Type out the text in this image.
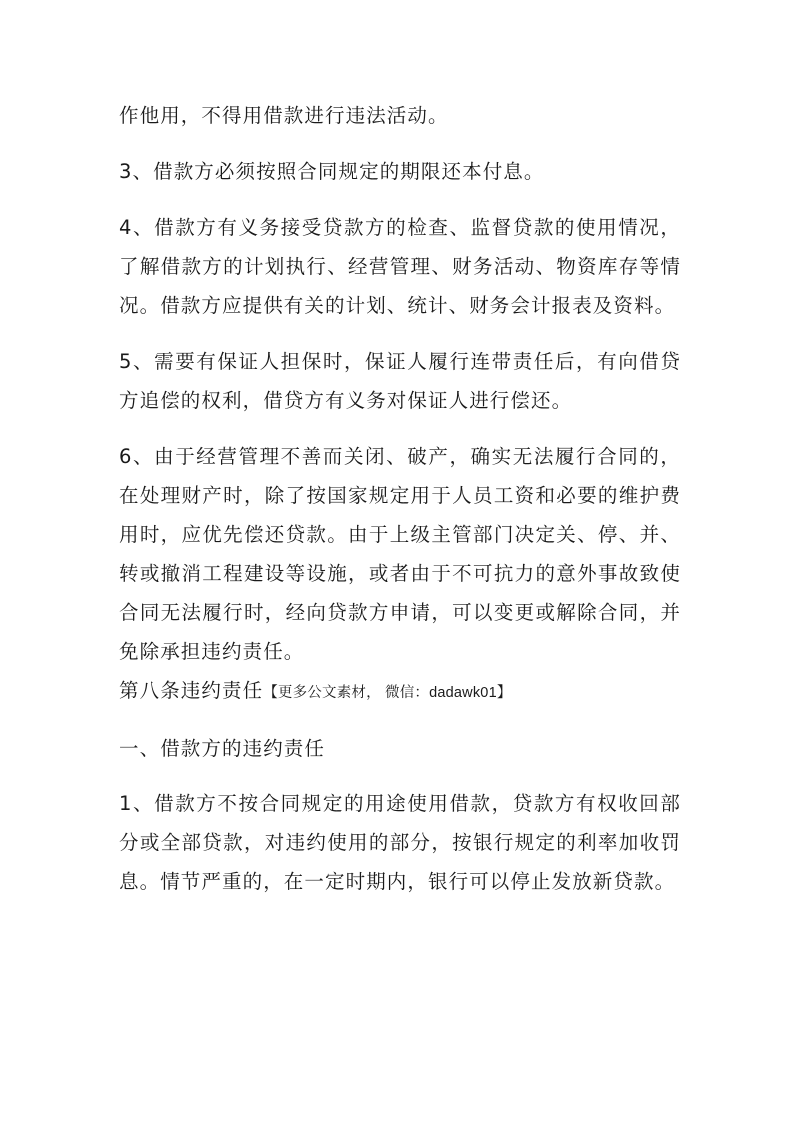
作他用，不得用借款进行违法活动。

3、借款方必须按照合同规定的期限还本付息。

4、借款方有义务接受贷款方的检查、监督贷款的使用情况，了解借款方的计划执行、经营管理、财务活动、物资库存等情况。借款方应提供有关的计划、统计、财务会计报表及资料。

5、需要有保证人担保时，保证人履行连带责任后，有向借贷方追偿的权利，借贷方有义务对保证人进行偿还。

6、由于经营管理不善而关闭、破产，确实无法履行合同的，在处理财产时，除了按国家规定用于人员工资和必要的维护费用时，应优先偿还贷款。由于上级主管部门决定关、停、并、转或撤消工程建设等设施，或者由于不可抗力的意外事故致使合同无法履行时，经向贷款方申请，可以变更或解除合同，并免除承担违约责任。

第八条违约责任【更多公文素材， 微信：dadawk01】

一、借款方的违约责任

1、借款方不按合同规定的用途使用借款，贷款方有权收回部分或全部贷款，对违约使用的部分，按银行规定的利率加收罚息。情节严重的，在一定时期内，银行可以停止发放新贷款。
